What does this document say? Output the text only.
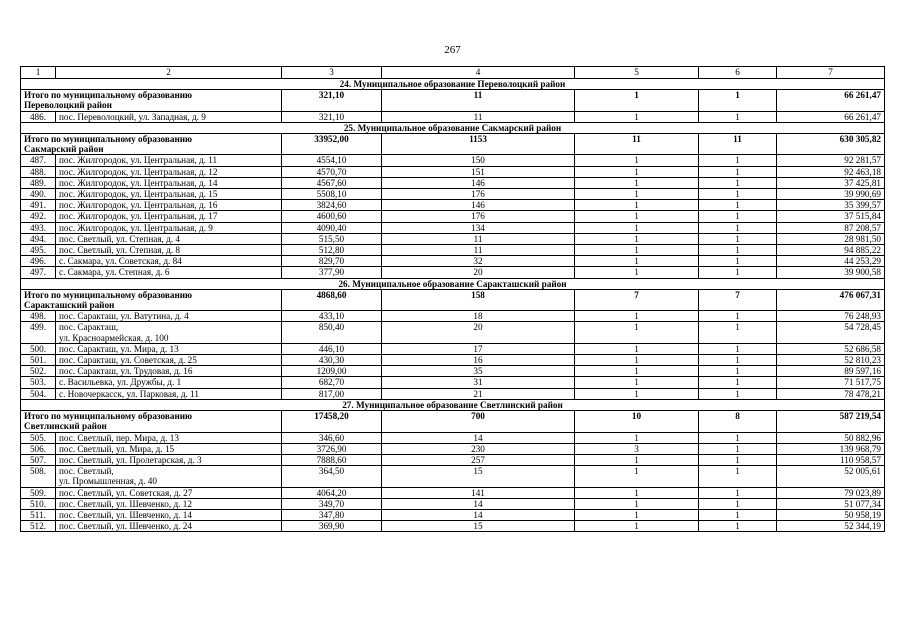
267
1	2	3	4	5	6	7
24. Муниципальное образование Переволоцкий район						

Итого по муниципальному образованию
Переволоцкий район		321,10	11	1	1	66 261,47
486.	пос. Переволоцкий, ул. Западная, д. 9	321,10	11	1	1	66 261,47
25. Муниципальное образование Сакмарский район						

Итого по муниципальному образованию
Сакмарский район		33952,00	1153	11	11	630 305,82
487.	пос. Жилгородок, ул. Центральная, д. 11	4554,10	150	1	1	92 281,57
488.	пос. Жилгородок, ул. Центральная, д. 12	4570,70	151	1	1	92 463,18
489.	пос. Жилгородок, ул. Центральная, д. 14	4567,60	146	1	1	37 425,81
490.	пос. Жилгородок, ул. Центральная, д. 15	5508,10	176	1	1	39 990,69
491.	пос. Жилгородок, ул. Центральная, д. 16	3824,60	146	1	1	35 399,57
492.	пос. Жилгородок, ул. Центральная, д. 17	4600,60	176	1	1	37 515,84
493.	пос. Жилгородок, ул. Центральная, д. 9	4090,40	134	1	1	87 208,57
494.	пос. Светлый, ул. Степная, д. 4	515,50	11	1	1	28 981,50
495.	пос. Светлый, ул. Степная, д. 8	512,80	11	1	1	94 885,22
496.	с. Сакмара, ул. Советская, д. 84	829,70	32	1	1	44 253,29
497.	с. Сакмара, ул. Степная, д. 6	377,90	20	1	1	39 900,58
26. Муниципальное образование Саракташский район						

Итого по муниципальному образованию
Саракташский район		4868,60	158	7	7	476 067,31
498.	пос. Саракташ, ул. Ватутина, д. 4	433,10	18	1	1	76 248,93
499.	пос. Саракташ,
ул. Красноармейская, д. 100	850,40	20	1	1	54 728,45
500.	пос. Саракташ, ул. Мира, д. 13	446,10	17	1	1	52 686,58
501.	пос. Саракташ, ул. Советская, д. 25	430,30	16	1	1	52 810,23
502.	пос. Саракташ, ул. Трудовая, д. 16	1209,00	35	1	1	89 597,16
503.	с. Васильевка, ул. Дружбы, д. 1	682,70	31	1	1	71 517,75
504.	с. Новочеркасск, ул. Парковая, д. 11	817,00	21	1	1	78 478,21
27. Муниципальное образование Светлинский район						

Итого по муниципальному образованию
Светлинский район		17458,20	700	10	8	587 219,54
505.	пос. Светлый, пер. Мира, д. 13	346,60	14	1	1	50 882,96
506.	пос. Светлый, ул. Мира, д. 15	3726,90	230	3	1	139 968,79
507.	пос. Светлый, ул. Пролетарская, д. 3	7888,60	257	1	1	110 958,57
508.	пос. Светлый,
ул. Промышленная, д. 40	364,50	15	1	1	52 005,61
509.	пос. Светлый, ул. Советская, д. 27	4064,20	141	1	1	79 023,89
510.	пос. Светлый, ул. Шевченко, д. 12	349,70	14	1	1	51 077,34
511.	пос. Светлый, ул. Шевченко, д. 14	347,80	14	1	1	50 958,19
512.	пос. Светлый, ул. Шевченко, д. 24	369,90	15	1	1	52 344,19
